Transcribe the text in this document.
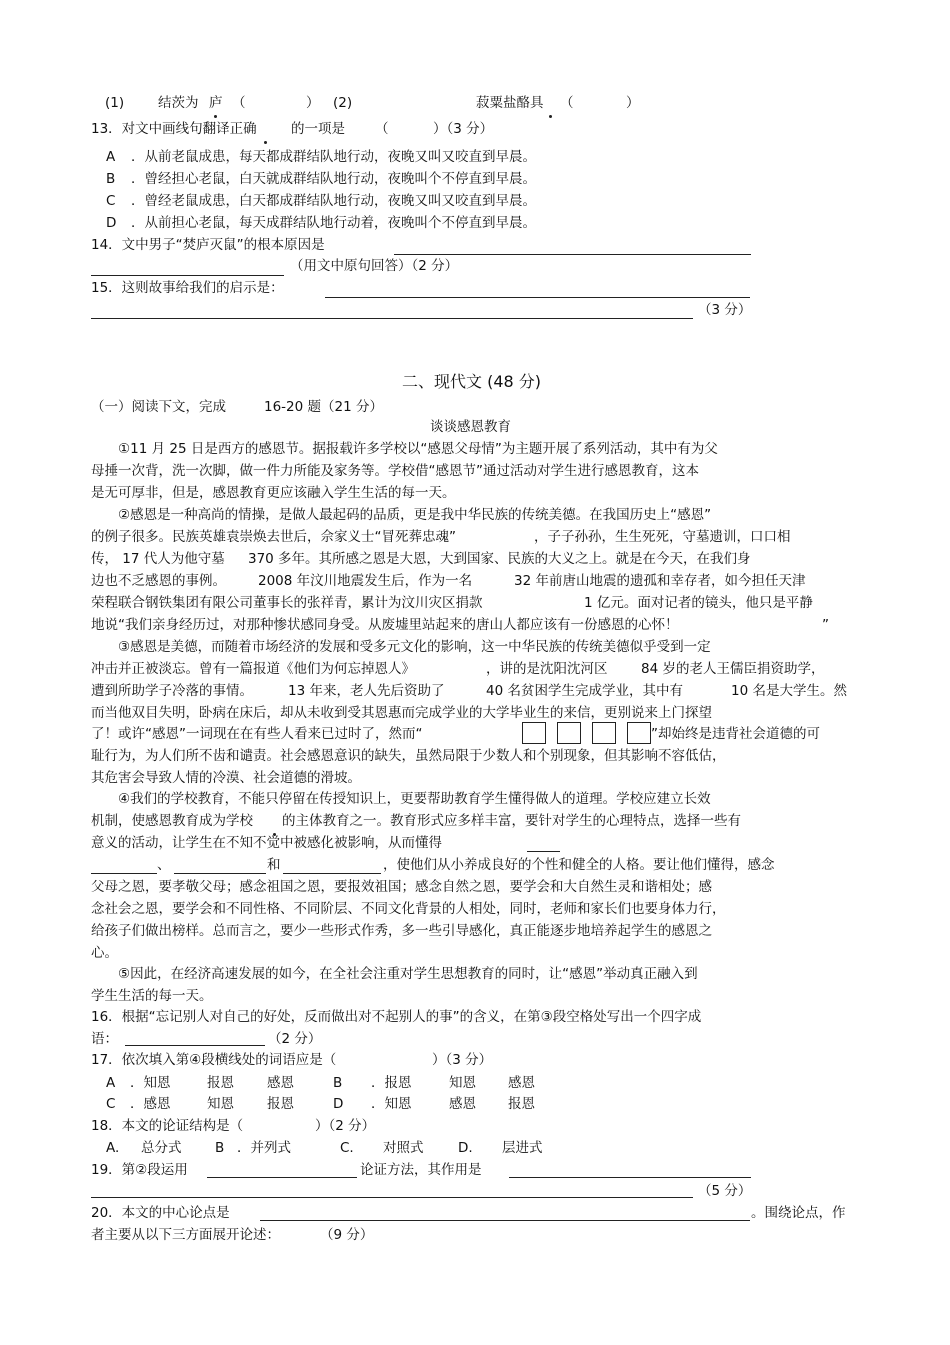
(1)	结茨为 庐 （	） (2)	菽粟盐酪具 （	）
13．对文中画线句翻译正确	的一项是 （	）（3 分）
A ．从前老鼠成患，每天都成群结队地行动，夜晚又叫又咬直到早晨。
B ．曾经担心老鼠，白天就成群结队地行动，夜晚叫个不停直到早晨。
C ．曾经老鼠成患，白天都成群结队地行动，夜晚又叫又咬直到早晨。
D ．从前担心老鼠，每天成群结队地行动着，夜晚叫个不停直到早晨。
14．文中男子“焚庐灭鼠”的根本原因是
（用文中原句回答）（2 分）
15．这则故事给我们的启示是：
（3 分）
二、现代文 (48 分)
（一）阅读下文，完成	16-20 题（21 分）
谈谈感恩教育
①11 月 25 日是西方的感恩节。据报载许多学校以“感恩父母情”为主题开展了系列活动，其中有为父
母捶一次背，洗一次脚，做一件力所能及家务等。学校借“感恩节”通过活动对学生进行感恩教育，这本
是无可厚非，但是，感恩教育更应该融入学生生活的每一天。
②感恩是一种高尚的情操，是做人最起码的品质，更是我中华民族的传统美德。在我国历史上“感恩”
的例子很多。民族英雄袁崇焕去世后，佘家义士“冒死葬忠魂”	，子子孙孙，生生死死，守墓遗训，口口相
传， 17 代人为他守墓 370 多年。其所感之恩是大恩，大到国家、民族的大义之上。就是在今天，在我们身
边也不乏感恩的事例。 2008 年汶川地震发生后，作为一名	32 年前唐山地震的遗孤和幸存者，如今担任天津
荣程联合钢铁集团有限公司董事长的张祥青，累计为汶川灾区捐款	1 亿元。面对记者的镜头，他只是平静
地说“我们亲身经历过，对那种惨状感同身受。从废墟里站起来的唐山人都应该有一份感恩的心怀！	”
③感恩是美德，而随着市场经济的发展和受多元文化的影响，这一中华民族的传统美德似乎受到一定
冲击并正被淡忘。曾有一篇报道《他们为何忘掉恩人》	，讲的是沈阳沈河区 84 岁的老人王儒臣捐资助学，
遭到所助学子冷落的事情。	13 年来，老人先后资助了	40 名贫困学生完成学业，其中有	10 名是大学生。然
而当他双目失明，卧病在床后，却从未收到受其恩惠而完成学业的大学毕业生的来信，更别说来上门探望
了！或许“感恩”一词现在在有些人看来已过时了，然而“	”却始终是违背社会道德的可
耻行为，为人们所不齿和谴责。社会感恩意识的缺失，虽然局限于少数人和个别现象，但其影响不容低估，
其危害会导致人情的冷漠、社会道德的滑坡。
④我们的学校教育，不能只停留在传授知识上，更要帮助教育学生懂得做人的道理。学校应建立长效
机制，使感恩教育成为学校 的主体教育之一。教育形式应多样丰富，要针对学生的心理特点，选择一些有
意义的活动，让学生在不知不觉中被感化被影响，从而懂得
、	和	，使他们从小养成良好的个性和健全的人格。要让他们懂得，感念
父母之恩，要孝敬父母；感念祖国之恩，要报效祖国；感念自然之恩，要学会和大自然生灵和谐相处；感
念社会之恩，要学会和不同性格、不同阶层、不同文化背景的人相处，同时，老师和家长们也要身体力行，
给孩子们做出榜样。总而言之，要少一些形式作秀，多一些引导感化，真正能逐步地培养起学生的感恩之
心。
⑤因此，在经济高速发展的如今，在全社会注重对学生思想教育的同时，让“感恩”举动真正融入到
学生生活的每一天。
16．根据“忘记别人对自己的好处，反而做出对不起别人的事”的含义，在第③段空格处写出一个四字成
语：	（2 分）
17．依次填入第④段横线处的词语应是（	）（3 分）
A ．知恩	报恩 感恩	B ．报恩	知恩 感恩
C ．感恩	知恩 报恩	D ．知恩	感恩 报恩
18．本文的论证结构是（	）（2 分）
A. 总分式 B ．并列式	C. 对照式	D. 层进式
19．第②段运用	论证方法，其作用是
（5 分）
20．本文的中心论点是	。围绕论点，作
者主要从以下三方面展开论述：	（9 分）
